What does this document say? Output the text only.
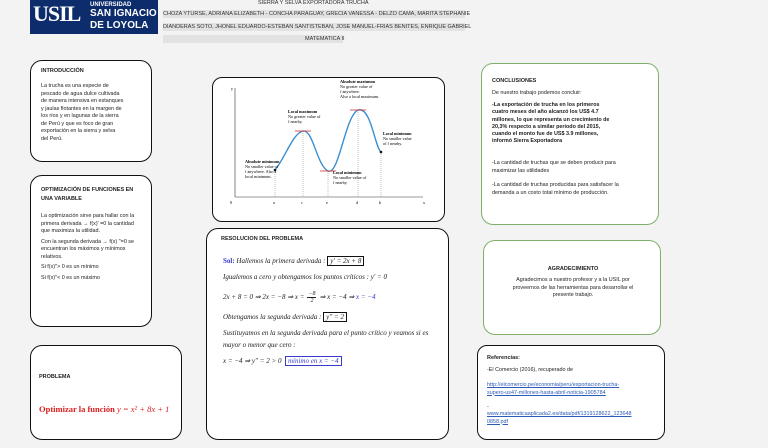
USIL UNIVERSIDAD
SAN IGNACIO
DE LOYOLA
SIERRA Y SELVA EXPORTADORA TRUCHA
CHOZA YTURSE, ADRIANA ELIZABETH - CONCHA PARAGUAY, GRECIA VANESSA - DELZO CAMA, MARITA STEPHANIE
DIANDERAS SOTO, JHONEL EDUARDO-ESTEBAN SANTISTEBAN, JOSE MANUEL-FRIAS BENITES, ENRIQUE GABRIEL
MATEMATICA II
INTRODUCCIÓN
La trucha es una especie de
pescado de agua dulce cultivada
de manera intensiva en estanques
y jaulas flotantes en la margen de
los ríos y en lagunas de la sierra
de Perú y que es foco de gran
exportación en la sierra y selva
del Perú.
OPTIMIZACIÓN DE FUNCIONES EN
UNA VARIABLE
La optimización sirve para hallar con la
primera derivada → f(x)' =0 la cantidad
que maximiza la utilidad.
Con la segunda derivada → f(x) ''=0 se
encuentran los máximos y mínimos
relativos.
Si f(x)''> 0 es un mínimo
Si f(x)''< 0 es un máximo
PROBLEMA
Optimizar la función y = x² + 8x + 1
x
y
0	a	c	e	d	b
Absolute maximum
No greater value of
f anywhere.
Also a local maximum.
Local maximum
No greater value of
f nearby.
Absolute minimum
No smaller value of
f anywhere. Also a
local minimum.
Local minimum
No smaller value of
f nearby.
Local minimum
No smaller value
of f nearby.
RESOLUCION DEL PROBLEMA
Sol: Hallemos la primera derivada : y' = 2x + 8
Igualemos a cero y obtengamos los puntos críticos : y' = 0
2x + 8 = 0 ⇒ 2x = −8 ⇒ $x = \frac{-8}{2}$ ⇒ x = −4 ⇒
x = −4
Obtengamos la segunda derivada : y'' = 2
Sustituyamos en la segunda derivada para el punto crítico y veamos si es
mayor o menor que cero :
x = −4 ⇒ y'' = 2 > 0 mínimo en x = −4
CONCLUSIONES
De nuestro trabajo podemos concluir:
-La exportación de trucha en los primeros
cuatro meses del año alcanzó los US$ 4.7
millones, lo que representa un crecimiento de
20,3% respecto a similar periodo del 2015,
cuando el monto fue de US$ 3.9 millones,
informó Sierra Exportadora
-La cantidad de truchas que se deben producir para
maximizar las utilidades
-La cantidad de truchas producidas para satisfacer la
demanda a un costo total mínimo de producción.
AGRADECIMIENTO
Agradecimos a nuestro profesor y a la USIL por
proveernos de las herramientas para desarrollar el
presente trabajo.
Referencias:
-El Comercio (2016), recuperado de
http://elcomercio.pe/economia/peru/exportacion-trucha-
supero-us47-millones-hasta-abril-noticia-1905784
-
www.matematicaaplicada2.es/data/pdf/1319128622_123648
0858.pdf
